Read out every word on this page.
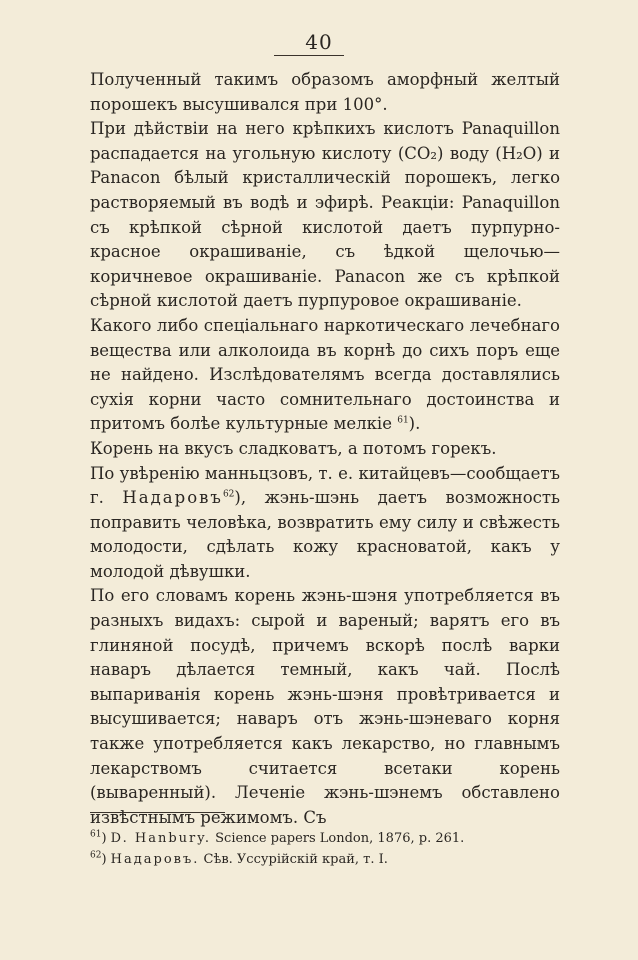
40

Полученный такимъ образомъ аморфный желтый порошекъ высушивался при 100°.

При дѣйствіи на него крѣпкихъ кислотъ Panaquillon распадается на угольную кислоту (CO₂) воду (H₂O) и Panacon бѣлый кристаллическій порошекъ, легко растворяемый въ водѣ и эфирѣ. Реакціи: Panaquillon съ крѣпкой сѣрной кислотой даетъ пурпурно-красное окрашиваніе, съ ѣдкой щелочью—коричневое окрашиваніе. Panacon же съ крѣпкой сѣрной кислотой даетъ пурпуровое окрашиваніе.

Какого либо спеціальнаго наркотическаго лечебнаго вещества или алколоида въ корнѣ до сихъ поръ еще не найдено. Изслѣдователямъ всегда доставлялись сухія корни часто сомнительнаго достоинства и притомъ болѣе культурные мелкіе $^{61}$).

Корень на вкусъ сладковатъ, а потомъ горекъ.

По увѣренію манньцзовъ, т. е. китайцевъ—сообщаетъ г. Надаровъ$^{62}$), жэнь-шэнь даетъ возможность поправить человѣка, возвратить ему силу и свѣжесть молодости, сдѣлать кожу красноватой, какъ у молодой дѣвушки.

По его словамъ корень жэнь-шэня употребляется въ разныхъ видахъ: сырой и вареный; варятъ его въ глиняной посудѣ, причемъ вскорѣ послѣ варки наваръ дѣлается темный, какъ чай. Послѣ выпариванія корень жэнь-шэня провѣтривается и высушивается; наваръ отъ жэнь-шэневаго корня также употребляется какъ лекарство, но главнымъ лекарствомъ считается всетаки корень (вываренный). Леченіе жэнь-шэнемъ обставлено извѣстнымъ режимомъ. Съ

$^{61}$) D. Hanbury. Science papers London, 1876, p. 261.
$^{62}$) Надаровъ. Сѣв. Уссурійскій край, т. I.
